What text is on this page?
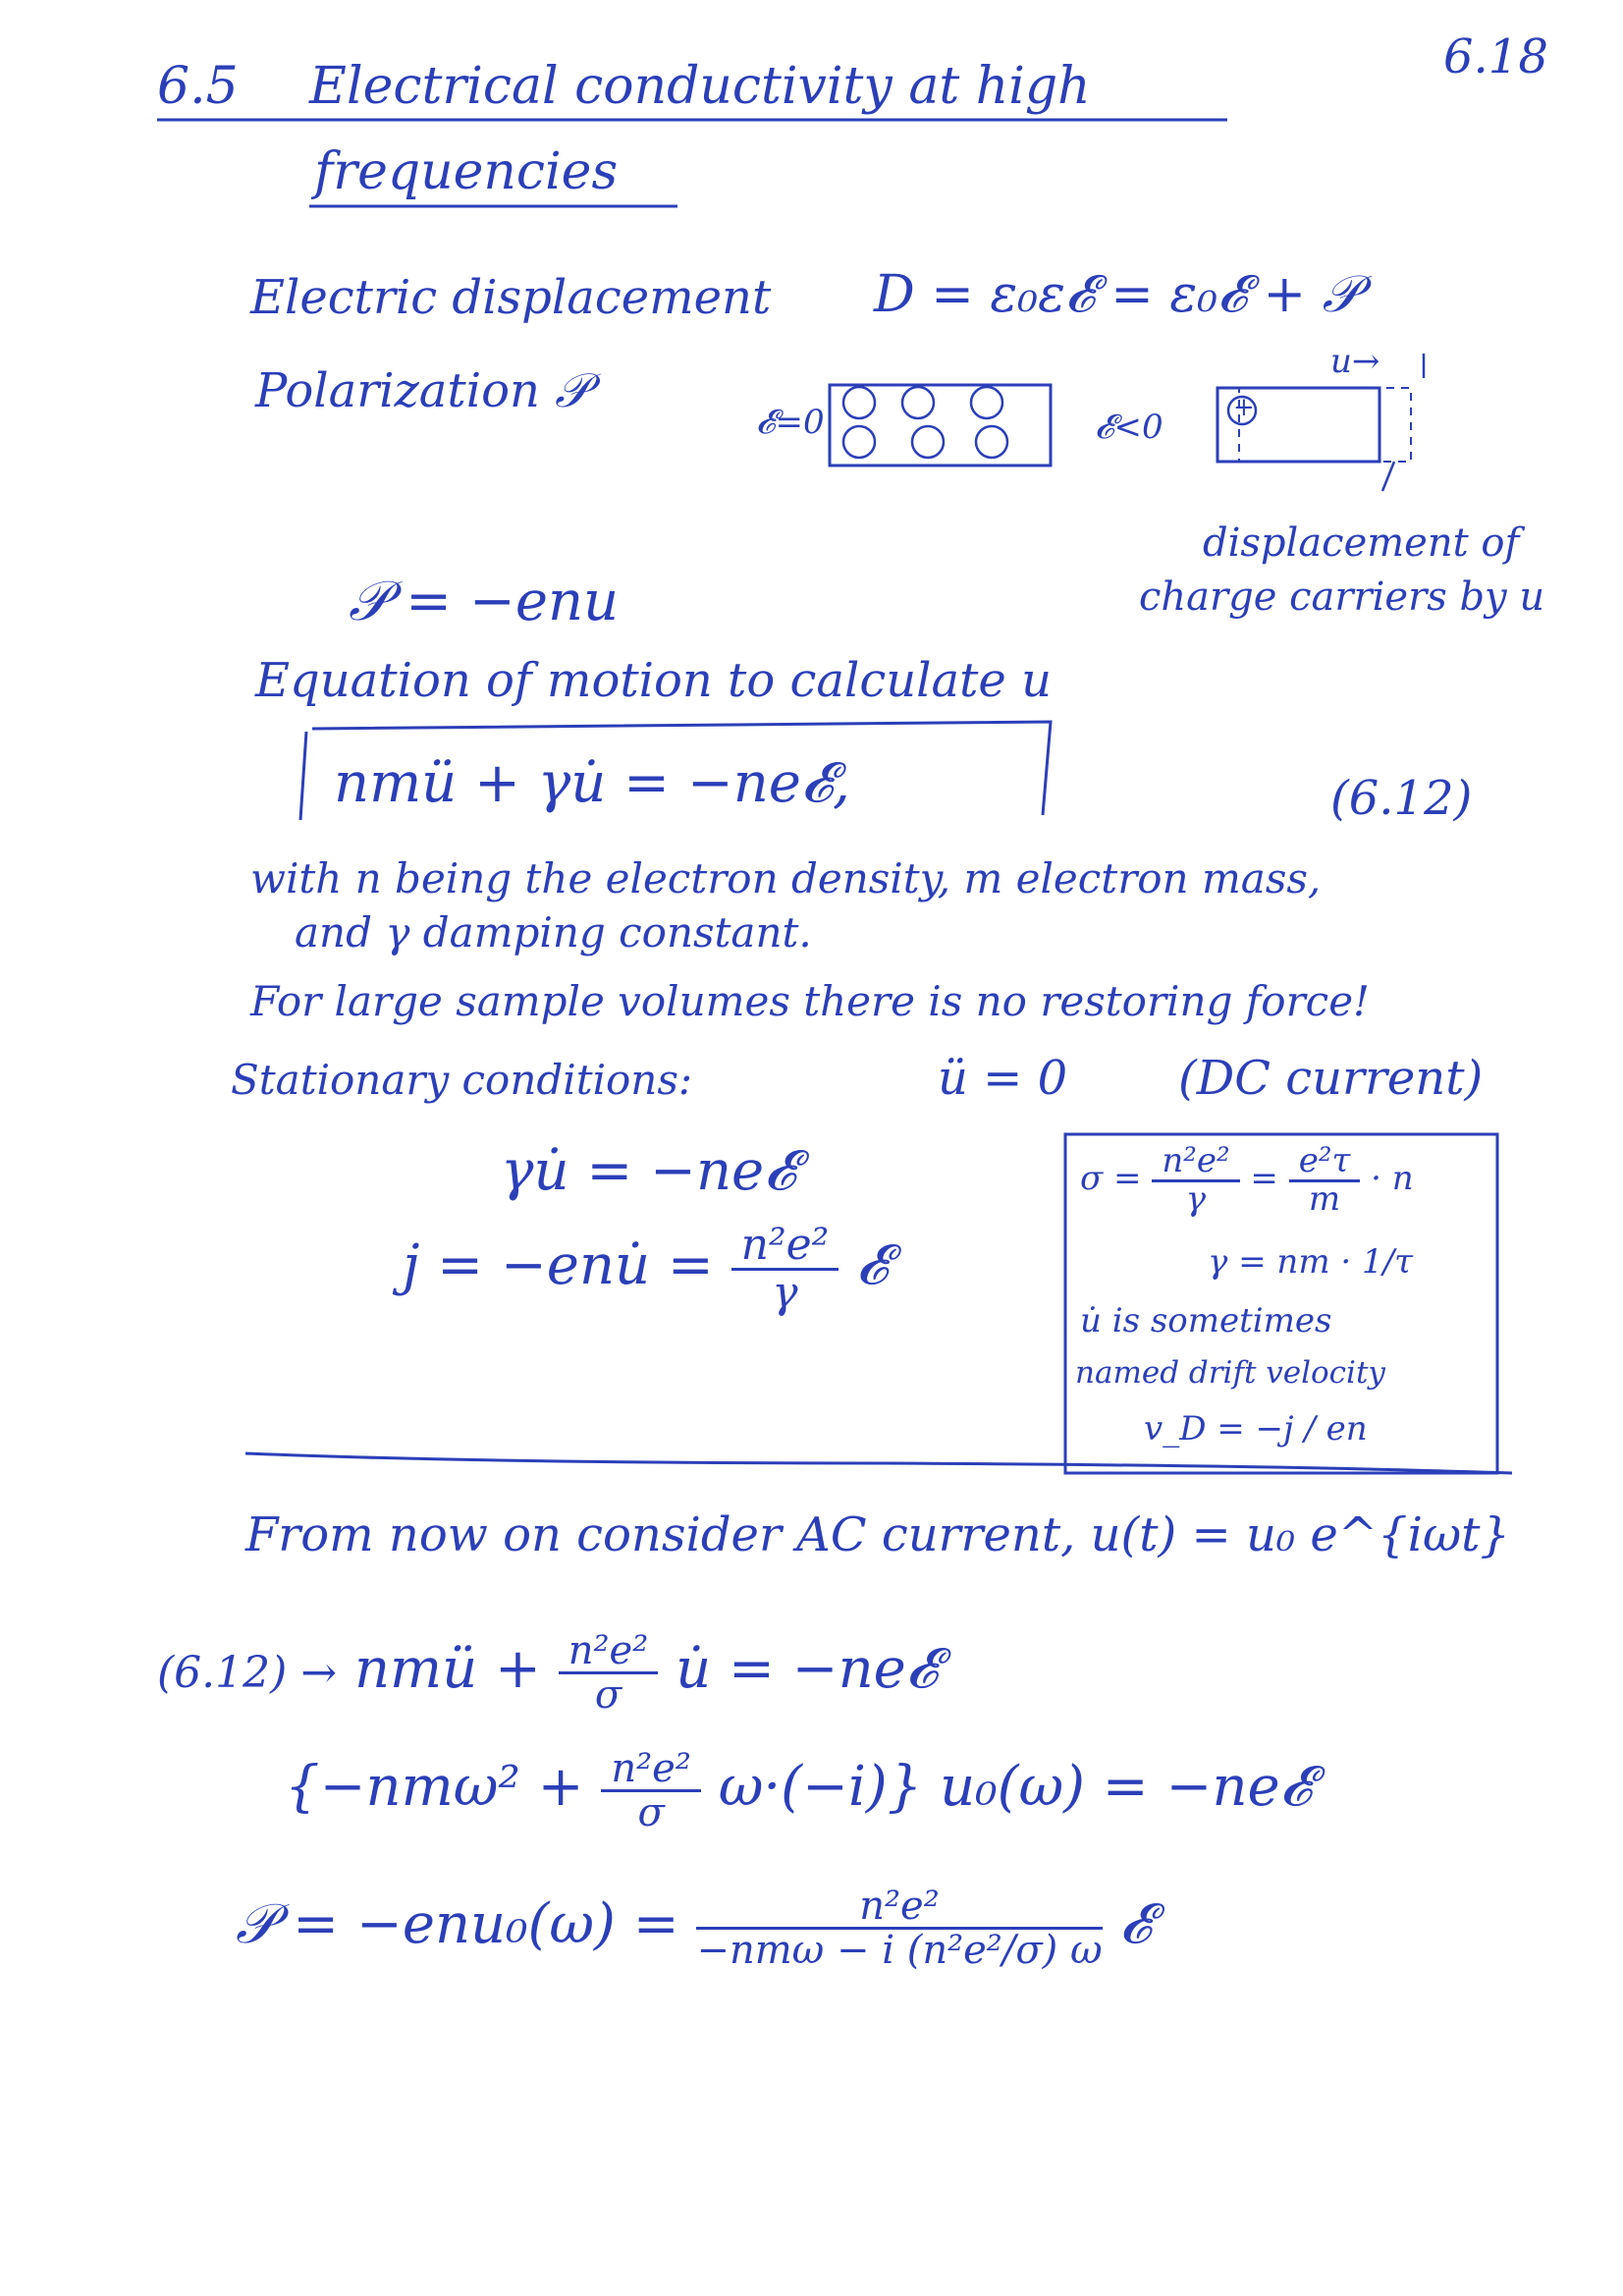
6.18
6.5 Electrical conductivity at high
frequencies
Electric displacement D = ε₀ε𝓔 = ε₀𝓔 + 𝒫
Polarization 𝒫
𝓔=0	𝓔<0
u→
+
displacement of
charge carriers by u
𝒫 = −enu
Equation of motion to calculate u
nmü + γu̇ = −ne𝓔,	(6.12)
with n being the electron density, m electron mass,
and γ damping constant.
For large sample volumes there is no restoring force!
Stationary conditions:	ü = 0 (DC current)
γu̇ = −ne𝓔
j = −enu̇ = $\frac{\text{n²e²}}{\gamma}$ 𝓔
$\sigma = \frac{\text{n²e²}}{\gamma} = \frac{\text{e²τ}}{m} \cdot n$
γ = nm · 1/τ
u̇ is sometimes
named drift velocity
v_D = −j / en
From now on consider AC current, u(t) = u₀ e^{iωt}
(6.12) → nmü + $\frac{\text{n²e²}}{\sigma}$ u̇ = −ne𝓔
$\{-nm\omega^2 + \frac{\text{n²e²}}{\sigma} \omega\cdot(-i)\}$ u₀(ω) = −ne𝓔
𝒫 = $-enu_0(\omega) = \frac{\text{n²e²}}{\text{−nmω − i (n²e²/σ) ω}}$ 𝓔
